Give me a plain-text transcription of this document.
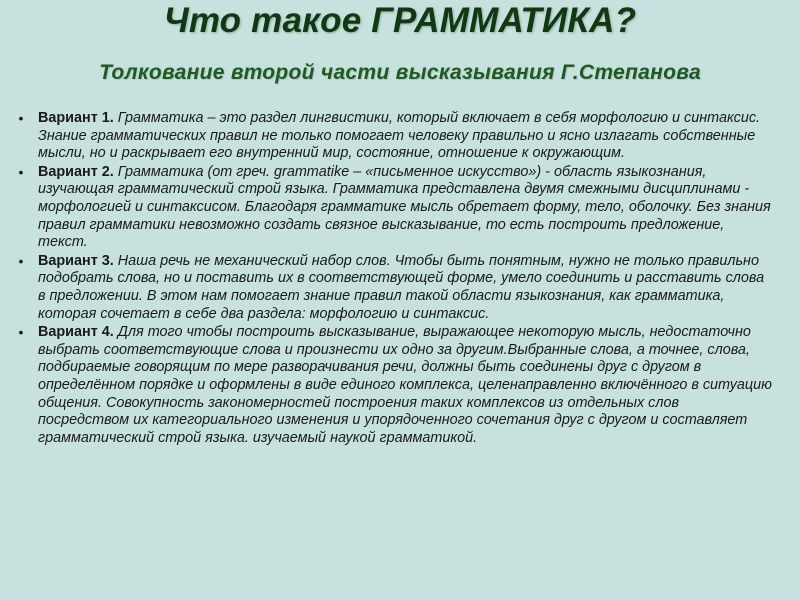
Что такое ГРАММАТИКА?
Толкование второй части высказывания Г.Степанова
•	Вариант 1. Грамматика – это раздел лингвистики, который включает в себя морфологию и синтаксис. Знание грамматических правил не только помогает человеку правильно и ясно излагать собственные мысли, но и раскрывает его внутренний мир, состояние, отношение к окружающим.
•	Вариант 2. Грамматика (от греч. grammatike – «письменное искусство») - область языкознания, изучающая грамматический строй языка. Грамматика представлена двумя смежными дисциплинами - морфологией и синтаксисом. Благодаря грамматике мысль обретает форму, тело, оболочку. Без знания правил грамматики невозможно создать связное высказывание, то есть построить предложение, текст.
•	Вариант 3. Наша речь не механический набор слов. Чтобы быть понятным, нужно не только правильно подобрать слова, но и поставить их в соответствующей форме, умело соединить и расставить слова в предложении. В этом нам помогает знание правил такой области языкознания, как грамматика, которая сочетает в себе два раздела: морфологию и синтаксис.
•	Вариант 4. Для того чтобы построить высказывание, выражающее некоторую мысль, недостаточно выбрать соответствующие слова и произнести их одно за другим.Выбранные слова, а точнее, слова, подбираемые говорящим по мере разворачивания речи, должны быть соединены друг с другом в определённом порядке и оформлены в виде единого комплекса, целенаправленно включённого в ситуацию общения. Совокупность закономерностей построения таких комплексов из отдельных слов посредством их категориального изменения и упорядоченного сочетания друг с другом и составляет грамматический строй языка. изучаемый наукой грамматикой.
